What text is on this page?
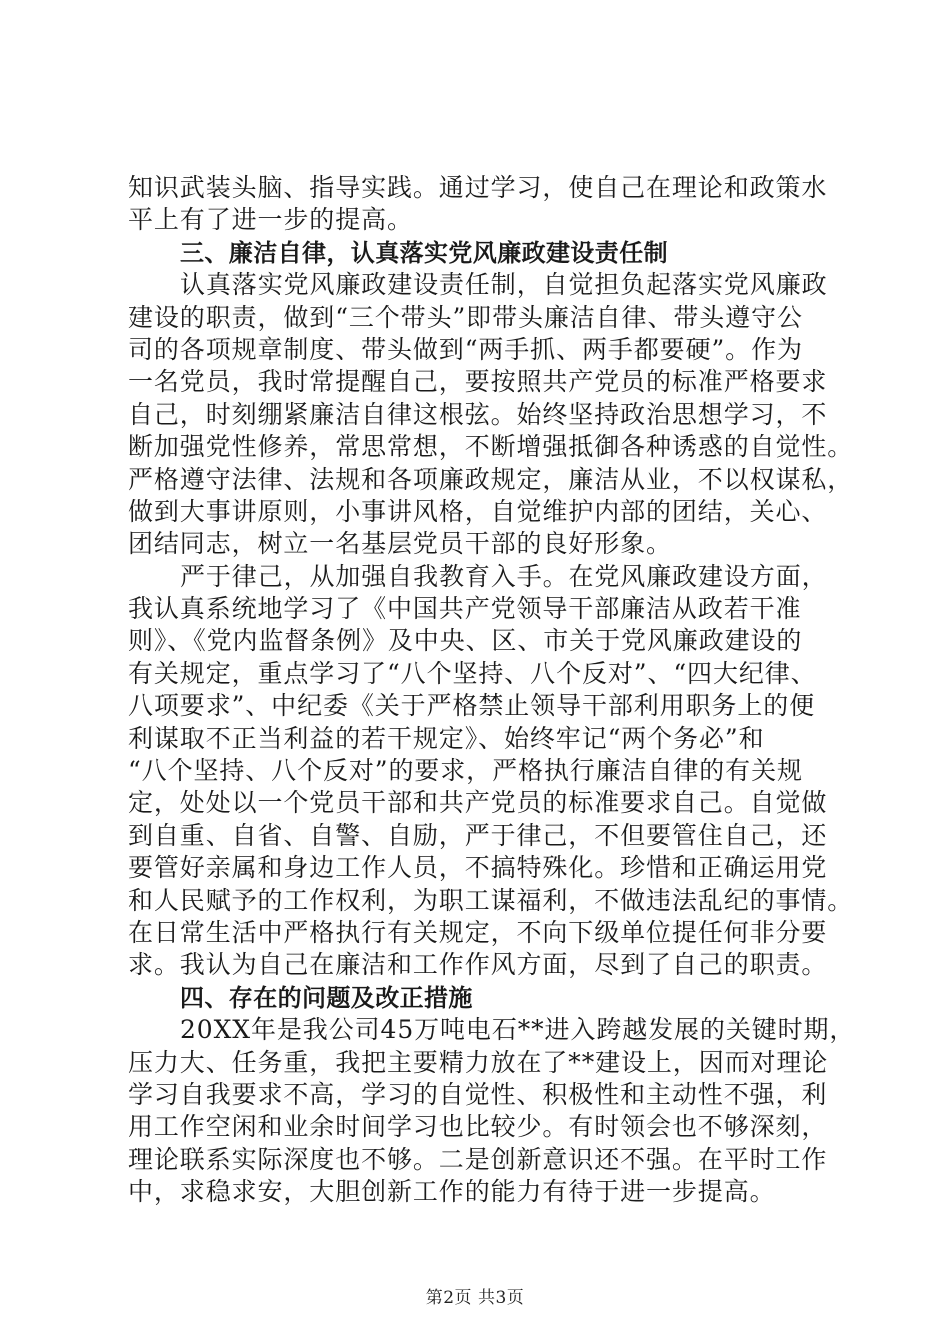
知识武装头脑、指导实践。通过学习，使自己在理论和政策水
平上有了进一步的提高。
三、廉洁自律，认真落实党风廉政建设责任制
认真落实党风廉政建设责任制，自觉担负起落实党风廉政
建设的职责，做到“三个带头”即带头廉洁自律、带头遵守公
司的各项规章制度、带头做到“两手抓、两手都要硬”。作为
一名党员，我时常提醒自己，要按照共产党员的标准严格要求
自己，时刻绷紧廉洁自律这根弦。始终坚持政治思想学习，不
断加强党性修养，常思常想，不断增强抵御各种诱惑的自觉性。
严格遵守法律、法规和各项廉政规定，廉洁从业，不以权谋私，
做到大事讲原则，小事讲风格，自觉维护内部的团结，关心、
团结同志，树立一名基层党员干部的良好形象。
严于律己，从加强自我教育入手。在党风廉政建设方面，
我认真系统地学习了《中国共产党领导干部廉洁从政若干准
则》、《党内监督条例》及中央、区、市关于党风廉政建设的
有关规定，重点学习了“八个坚持、八个反对”、“四大纪律、
八项要求”、中纪委《关于严格禁止领导干部利用职务上的便
利谋取不正当利益的若干规定》、始终牢记“两个务必”和
“八个坚持、八个反对”的要求，严格执行廉洁自律的有关规
定，处处以一个党员干部和共产党员的标准要求自己。自觉做
到自重、自省、自警、自励，严于律己，不但要管住自己，还
要管好亲属和身边工作人员，不搞特殊化。珍惜和正确运用党
和人民赋予的工作权利，为职工谋福利，不做违法乱纪的事情。
在日常生活中严格执行有关规定，不向下级单位提任何非分要
求。我认为自己在廉洁和工作作风方面，尽到了自己的职责。
四、存在的问题及改正措施
20XX年是我公司45万吨电石**进入跨越发展的关键时期，
压力大、任务重，我把主要精力放在了**建设上，因而对理论
学习自我要求不高，学习的自觉性、积极性和主动性不强，利
用工作空闲和业余时间学习也比较少。有时领会也不够深刻，
理论联系实际深度也不够。二是创新意识还不强。在平时工作
中，求稳求安，大胆创新工作的能力有待于进一步提高。
第2页 共3页
